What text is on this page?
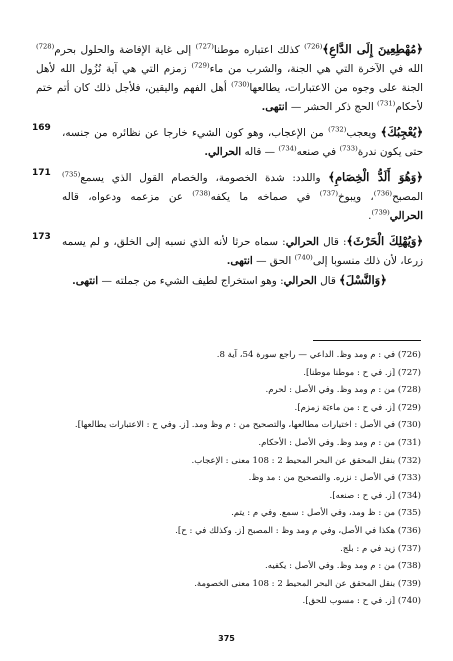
﴿مُهْطِعِينَ إِلَى الدَّاعِ﴾$^{(726)}$ كذلك اعتباره موطنا$^{(727)}$ إلى غاية الإفاضة والحلول بحرم$^{(728)}$ الله في الآخرة التي هي الجنة، والشرب من ماء$^{(729)}$ زمزم التي هي آية نُزُول الله لأهل الجنة على وجوه من الاعتبارات، يطالعها$^{(730)}$ أهل الفهم واليقين، فلأجل ذلك كان أتم ختم لأحكام$^{(731)}$ الحج ذكر الحشر — انتهى.

169	﴿يُعْجِبُكَ﴾ ويعجب$^{(732)}$ من الإعجاب، وهو كون الشيء خارجا عن نظائره من جنسه، حتى يكون ندرة$^{(733)}$ في صنعه$^{(734)}$ — قاله الحرالي.

171	﴿وَهُوَ أَلَدُّ الْخِصَامِ﴾ واللدد: شدة الخصومة، والخصام القول الذي يسمع$^{(735)}$ المصبح$^{(736)}$، ويبوخ$^{(737)}$ في صماخه ما يكفه$^{(738)}$ عن مزعمه ودعواه، قاله الحرالي$^{(739)}$.

173	﴿وَيُهْلِكَ الْحَرْثَ﴾: قال الحرالي: سماه حرثا لأنه الذي نسبه إلى الخلق، و لم يسمه زرعا، لأن ذلك منسوبا إلى$^{(740)}$ الحق — انتهى.

﴿وَالنَّسْلَ﴾ قال الحرالي: وهو استخراج لطيف الشيء من جملته — انتهى.

(726) في : م ومد وظ. الداعي — راجع سورة 54، آية 8.

(727) [ز. في ح : موطنا موطنا].

(728) من : م ومد وظ. وفي الأصل : لحرم.

(729) [ز. في ح : من ماءيَة زمزم].

(730) في الأصل : اختيارات مطالعها، والتصحيح من : م وظ ومد. [ز. وفي ح : الاعتبارات يطالعها].

(731) من : م ومد وظ. وفي الأصل : الأحكام.

(732) بنقل المحقق عن البحر المحيط 2 : 108 معنى : الإعجاب.

(733) في الأصل : نزره. والتصحيح من : مد وظ.

(734) [ز. في ح : صنعه].

(735) من : ظ ومد، وفي الأصل : سمع. وفي م : يتم.

(736) هكذا في الأصل، وفي م ومد وظ : المصبح [ز. وكذلك في : ح].

(737) زيد في م : بلج.

(738) من : م ومد وظ. وفي الأصل : يكفيه.

(739) بنقل المحقق عن البحر المحيط 2 : 108 معنى الخصومة.

(740) [ز. في ح : مسوب للحق].

375
